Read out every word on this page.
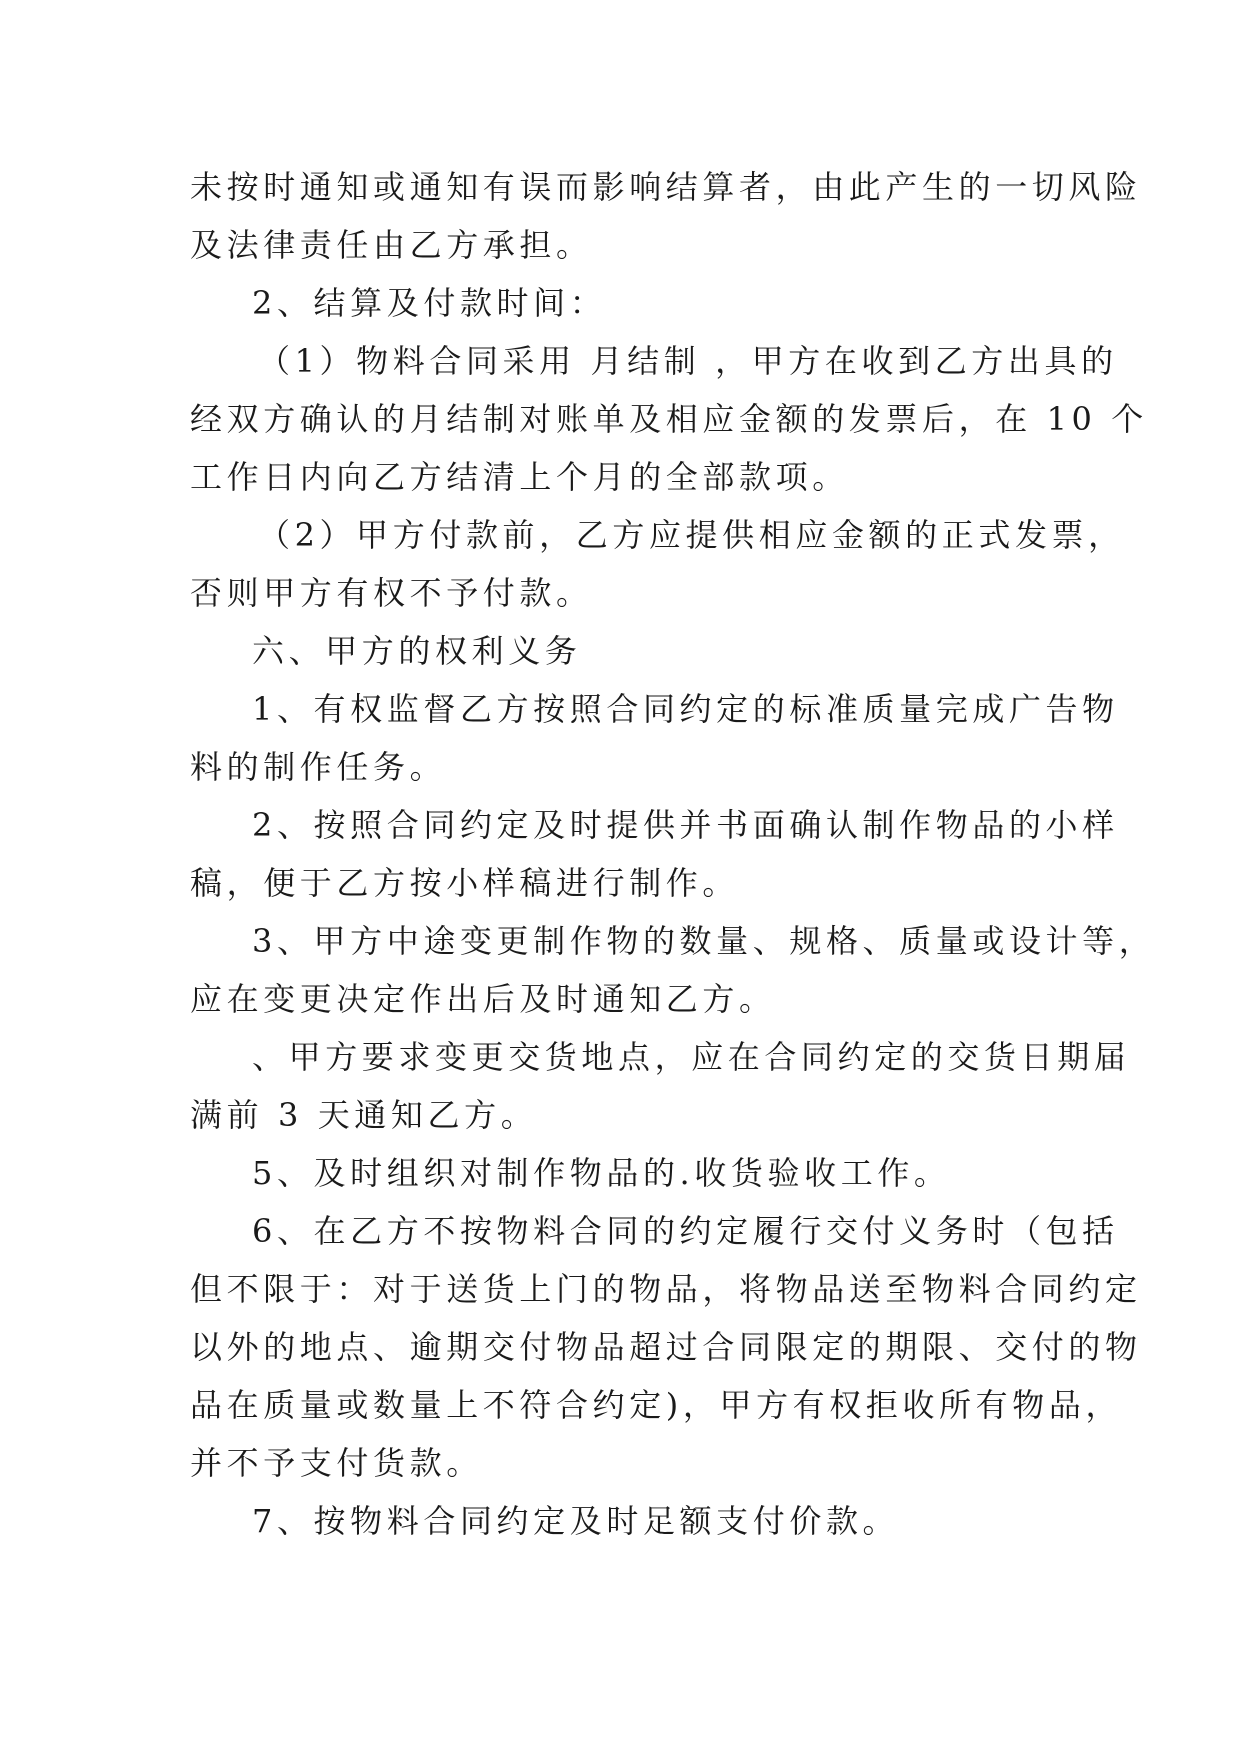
未按时通知或通知有误而影响结算者，由此产生的一切风险
及法律责任由乙方承担。
2、结算及付款时间：
（1）物料合同采用 月结制 ，甲方在收到乙方出具的
经双方确认的月结制对账单及相应金额的发票后，在 10 个
工作日内向乙方结清上个月的全部款项。
（2）甲方付款前，乙方应提供相应金额的正式发票，
否则甲方有权不予付款。
六、甲方的权利义务
1、有权监督乙方按照合同约定的标准质量完成广告物
料的制作任务。
2、按照合同约定及时提供并书面确认制作物品的小样
稿，便于乙方按小样稿进行制作。
3、甲方中途变更制作物的数量、规格、质量或设计等，
应在变更决定作出后及时通知乙方。
、甲方要求变更交货地点，应在合同约定的交货日期届
满前 3 天通知乙方。
5、及时组织对制作物品的.收货验收工作。
6、在乙方不按物料合同的约定履行交付义务时（包括
但不限于：对于送货上门的物品，将物品送至物料合同约定
以外的地点、逾期交付物品超过合同限定的期限、交付的物
品在质量或数量上不符合约定)，甲方有权拒收所有物品，
并不予支付货款。
7、按物料合同约定及时足额支付价款。
